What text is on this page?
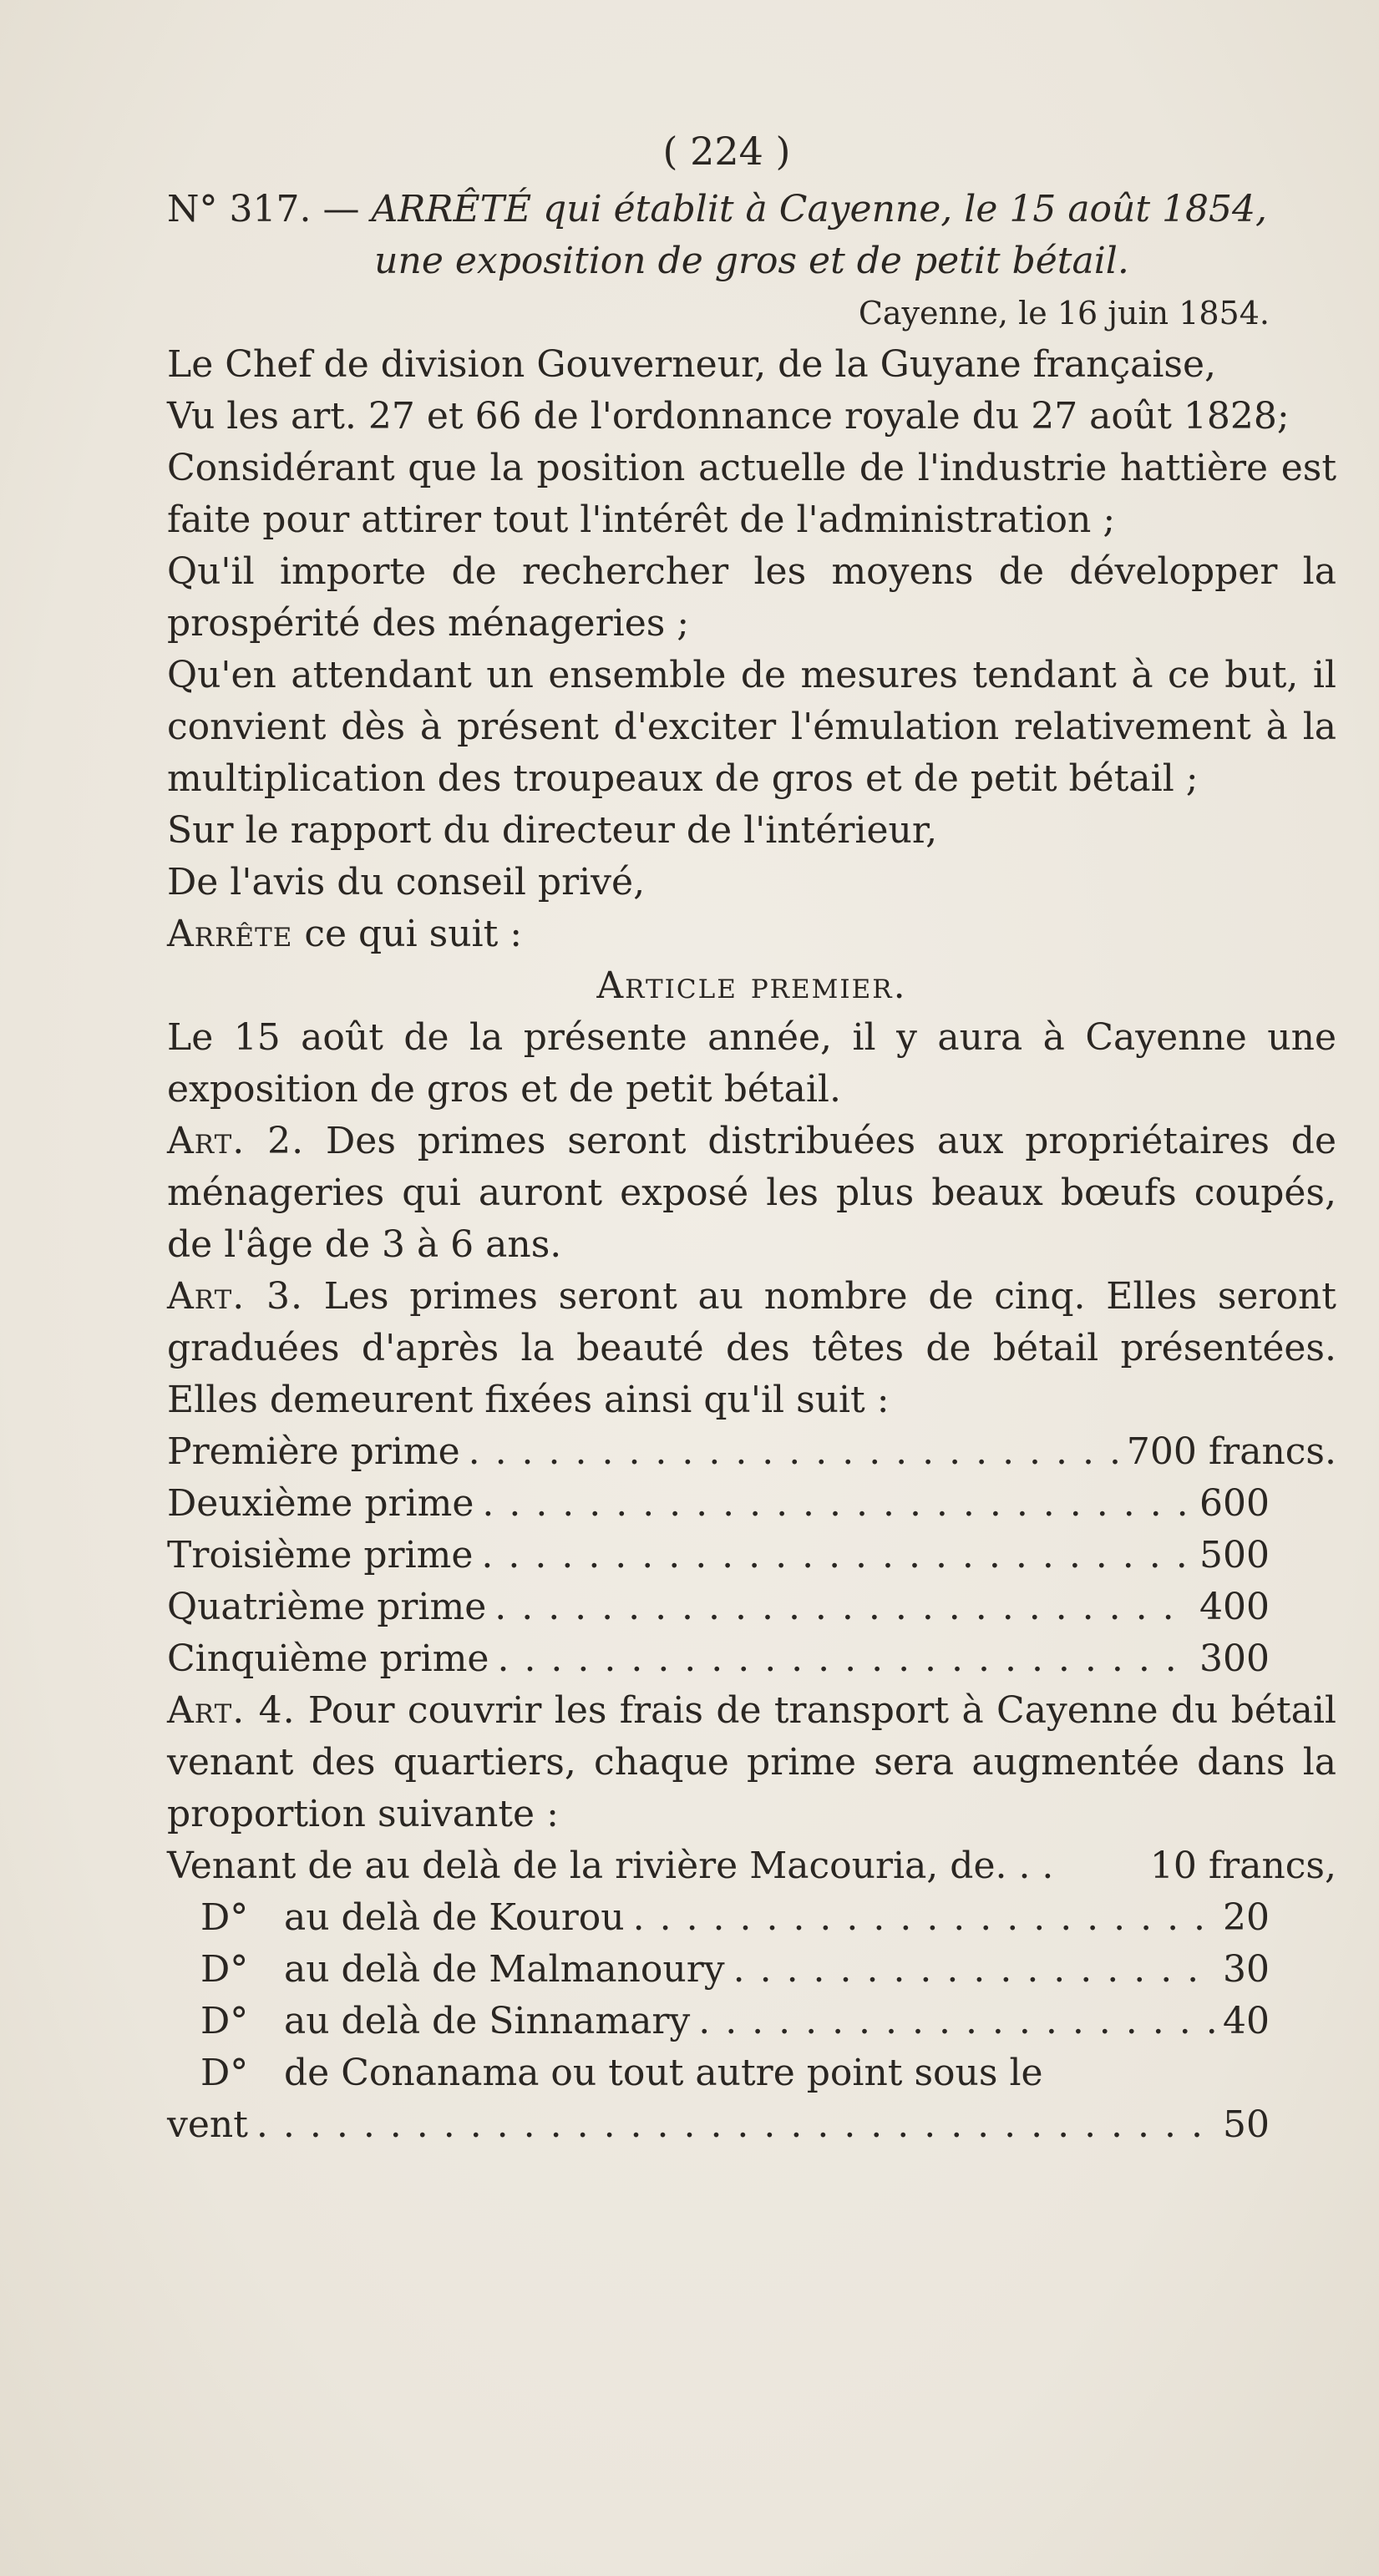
( 224 )
N° 317. — ARRÊTÉ qui établit à Cayenne, le 15 août 1854,
une exposition de gros et de petit bétail.
Cayenne, le 16 juin 1854.

Le Chef de division Gouverneur, de la Guyane française,

Vu les art. 27 et 66 de l'ordonnance royale du 27 août 1828;

Considérant que la position actuelle de l'industrie hattière est faite pour attirer tout l'intérêt de l'administration ;

Qu'il importe de rechercher les moyens de développer la prospérité des ménageries ;

Qu'en attendant un ensemble de mesures tendant à ce but, il convient dès à présent d'exciter l'émulation relativement à la multiplication des troupeaux de gros et de petit bétail ;

Sur le rapport du directeur de l'intérieur,

De l'avis du conseil privé,

Arrête ce qui suit :

Article premier.

Le 15 août de la présente année, il y aura à Cayenne une exposition de gros et de petit bétail.

Art. 2. Des primes seront distribuées aux propriétaires de ménageries qui auront exposé les plus beaux bœufs coupés, de l'âge de 3 à 6 ans.

Art. 3. Les primes seront au nombre de cinq. Elles seront graduées d'après la beauté des têtes de bétail présentées. Elles demeurent fixées ainsi qu'il suit :

Première prime . . .	700 francs.
Deuxième prime . . .	600
Troisième prime . . .	500
Quatrième prime . . .	400
Cinquième prime . . .	300

Art. 4. Pour couvrir les frais de transport à Cayenne du bétail venant des quartiers, chaque prime sera augmentée dans la proportion suivante :

Venant de au delà de la rivière Macouria, de. . .	10 francs,
D° au delà de Kourou . . .	20
D° au delà de Malmanoury . . .	30
D° au delà de Sinnamary . . .	40
D° de Conanama ou tout autre point sous le
vent . . .	50
